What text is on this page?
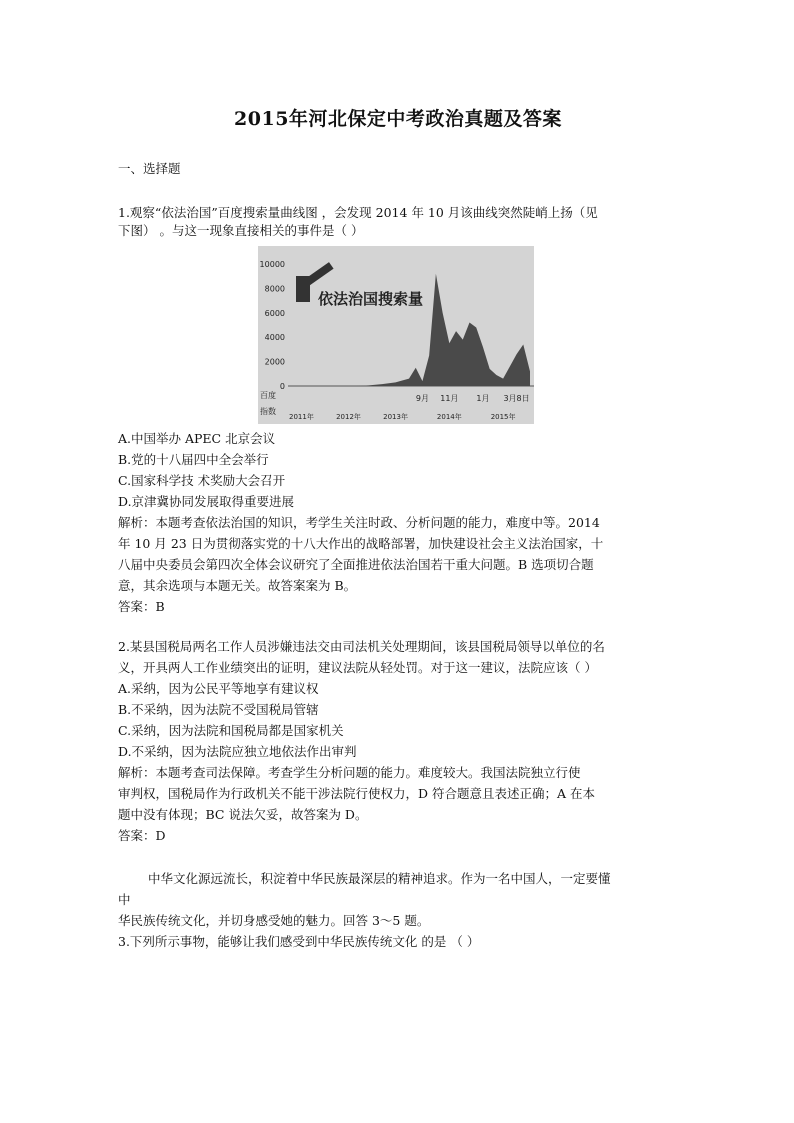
2015年河北保定中考政治真题及答案
一、选择题
1.观察“依法治国”百度搜索量曲线图 ，会发现 2014 年 10 月该曲线突然陡峭上扬（见
下图） 。与这一现象直接相关的事件是（ ）
0
2000
4000
6000
8000
10000
依法治国搜索量
百度
指数
9月 11月 1月 3月8日
2011年	2012年	2013年	2014年	2015年
A.中国举办 APEC 北京会议
B.党的十八届四中全会举行
C.国家科学技 术奖励大会召开
D.京津冀协同发展取得重要进展
解析：本题考查依法治国的知识，考学生关注时政、分析问题的能力，难度中等。2014
年 10 月 23 日为贯彻落实党的十八大作出的战略部署，加快建设社会主义法治国家，十
八届中央委员会第四次全体会议研究了全面推进依法治国若干重大问题。B 选项切合题
意，其余选项与本题无关。故答案案为 B。
答案：B
2.某县国税局两名工作人员涉嫌违法交由司法机关处理期间，该县国税局领导以单位的名
义，开具两人工作业绩突出的证明，建议法院从轻处罚。对于这一建议，法院应该（ ）
A.采纳，因为公民平等地享有建议权
B.不采纳，因为法院不受国税局管辖
C.采纳，因为法院和国税局都是国家机关
D.不采纳，因为法院应独立地依法作出审判
解析：本题考查司法保障。考查学生分析问题的能力。难度较大。我国法院独立行使
审判权，国税局作为行政机关不能干涉法院行使权力，D 符合题意且表述正确；A 在本
题中没有体现；BC 说法欠妥，故答案为 D。
答案：D
中华文化源远流长，积淀着中华民族最深层的精神追求。作为一名中国人，一定要懂
中
华民族传统文化，并切身感受她的魅力。回答 3～5 题。
3.下列所示事物，能够让我们感受到中华民族传统文化 的是 （ ）
